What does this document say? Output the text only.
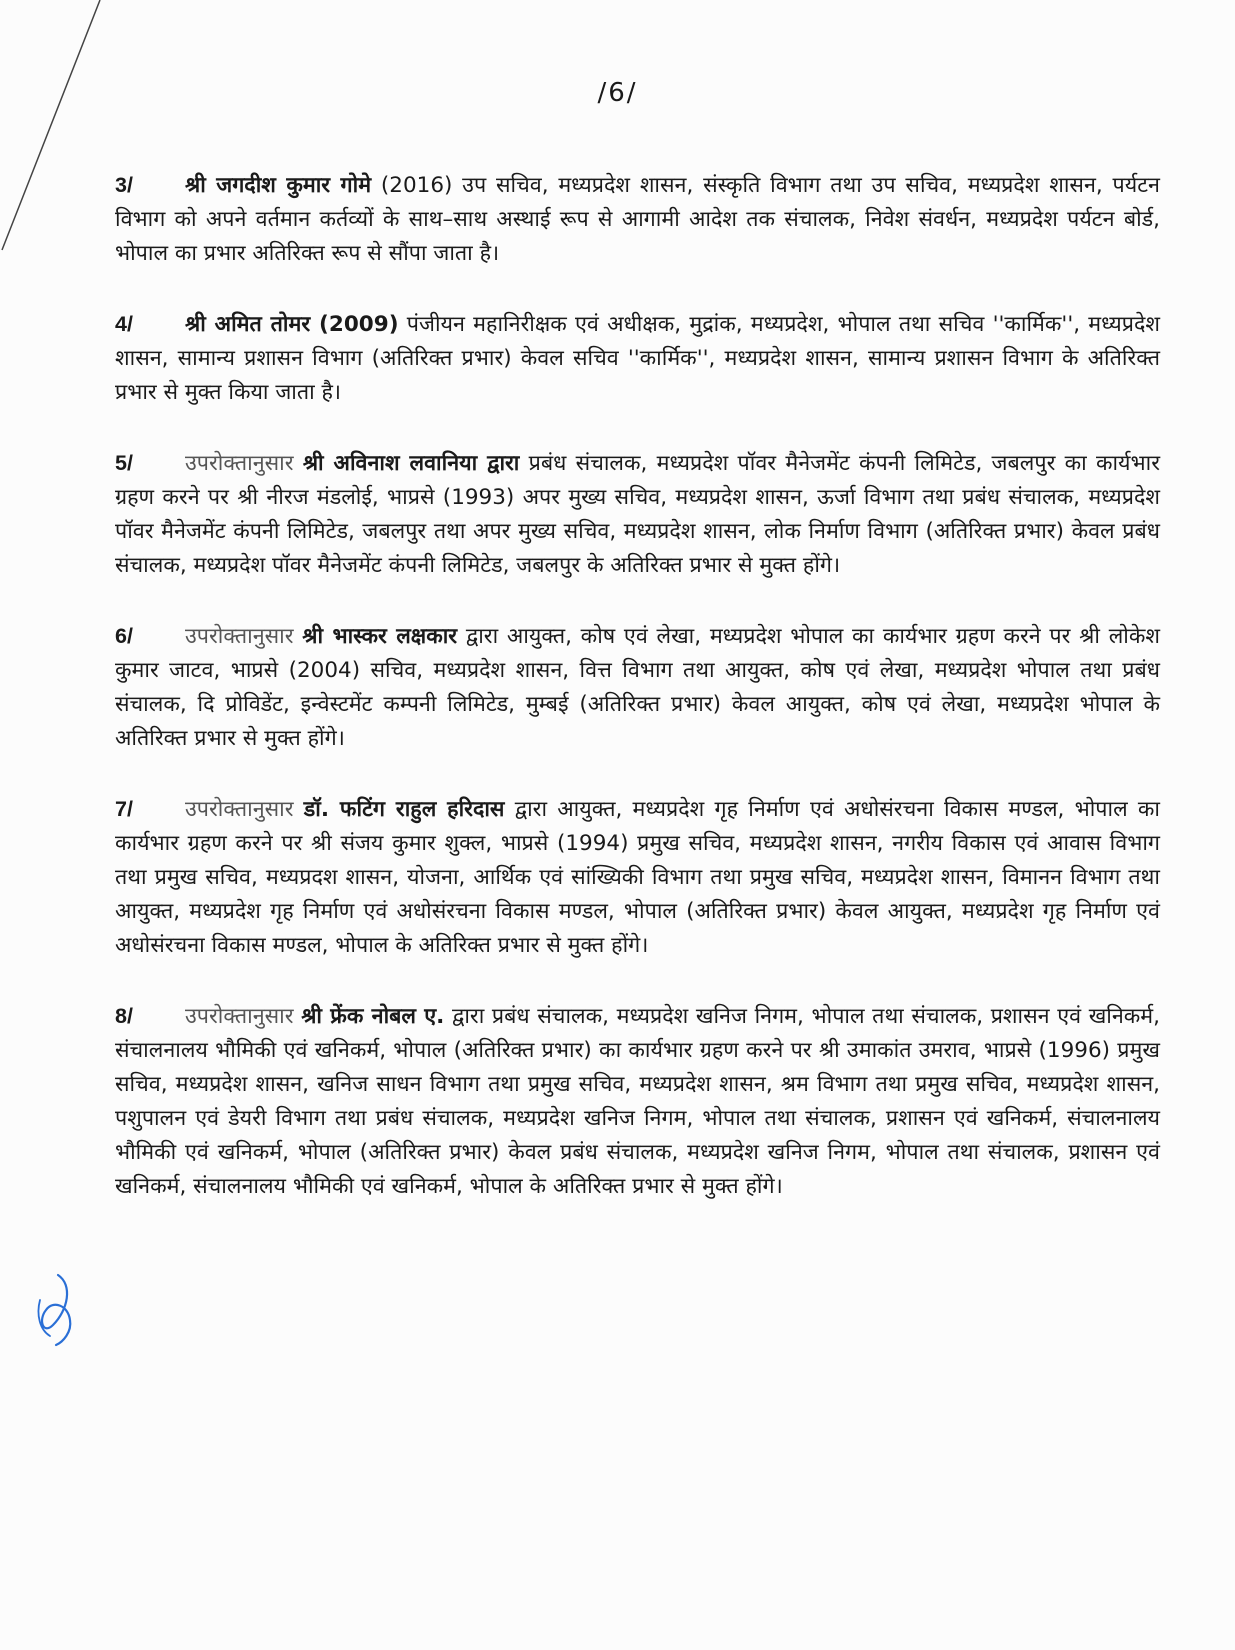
/6/

3/ श्री जगदीश कुमार गोमे (2016) उप सचिव, मध्यप्रदेश शासन, संस्कृति विभाग तथा उप सचिव, मध्यप्रदेश शासन, पर्यटन विभाग को अपने वर्तमान कर्तव्यों के साथ–साथ अस्थाई रूप से आगामी आदेश तक संचालक, निवेश संवर्धन, मध्यप्रदेश पर्यटन बोर्ड, भोपाल का प्रभार अतिरिक्त रूप से सौंपा जाता है।

4/ श्री अमित तोमर (2009) पंजीयन महानिरीक्षक एवं अधीक्षक, मुद्रांक, मध्यप्रदेश, भोपाल तथा सचिव ''कार्मिक'', मध्यप्रदेश शासन, सामान्य प्रशासन विभाग (अतिरिक्त प्रभार) केवल सचिव ''कार्मिक'', मध्यप्रदेश शासन, सामान्य प्रशासन विभाग के अतिरिक्त प्रभार से मुक्त किया जाता है।

5/ उपरोक्तानुसार श्री अविनाश लवानिया द्वारा प्रबंध संचालक, मध्यप्रदेश पॉवर मैनेजमेंट कंपनी लिमिटेड, जबलपुर का कार्यभार ग्रहण करने पर श्री नीरज मंडलोई, भाप्रसे (1993) अपर मुख्य सचिव, मध्यप्रदेश शासन, ऊर्जा विभाग तथा प्रबंध संचालक, मध्यप्रदेश पॉवर मैनेजमेंट कंपनी लिमिटेड, जबलपुर तथा अपर मुख्य सचिव, मध्यप्रदेश शासन, लोक निर्माण विभाग (अतिरिक्त प्रभार) केवल प्रबंध संचालक, मध्यप्रदेश पॉवर मैनेजमेंट कंपनी लिमिटेड, जबलपुर के अतिरिक्त प्रभार से मुक्त होंगे।

6/ उपरोक्तानुसार श्री भास्कर लक्षकार द्वारा आयुक्त, कोष एवं लेखा, मध्यप्रदेश भोपाल का कार्यभार ग्रहण करने पर श्री लोकेश कुमार जाटव, भाप्रसे (2004) सचिव, मध्यप्रदेश शासन, वित्त विभाग तथा आयुक्त, कोष एवं लेखा, मध्यप्रदेश भोपाल तथा प्रबंध संचालक, दि प्रोविडेंट, इन्वेस्टमेंट कम्पनी लिमिटेड, मुम्बई (अतिरिक्त प्रभार) केवल आयुक्त, कोष एवं लेखा, मध्यप्रदेश भोपाल के अतिरिक्त प्रभार से मुक्त होंगे।

7/ उपरोक्तानुसार डॉ. फटिंग राहुल हरिदास द्वारा आयुक्त, मध्यप्रदेश गृह निर्माण एवं अधोसंरचना विकास मण्डल, भोपाल का कार्यभार ग्रहण करने पर श्री संजय कुमार शुक्ल, भाप्रसे (1994) प्रमुख सचिव, मध्यप्रदेश शासन, नगरीय विकास एवं आवास विभाग तथा प्रमुख सचिव, मध्यप्रदश शासन, योजना, आर्थिक एवं सांख्यिकी विभाग तथा प्रमुख सचिव, मध्यप्रदेश शासन, विमानन विभाग तथा आयुक्त, मध्यप्रदेश गृह निर्माण एवं अधोसंरचना विकास मण्डल, भोपाल (अतिरिक्त प्रभार) केवल आयुक्त, मध्यप्रदेश गृह निर्माण एवं अधोसंरचना विकास मण्डल, भोपाल के अतिरिक्त प्रभार से मुक्त होंगे।

8/ उपरोक्तानुसार श्री फ्रेंक नोबल ए. द्वारा प्रबंध संचालक, मध्यप्रदेश खनिज निगम, भोपाल तथा संचालक, प्रशासन एवं खनिकर्म, संचालनालय भौमिकी एवं खनिकर्म, भोपाल (अतिरिक्त प्रभार) का कार्यभार ग्रहण करने पर श्री उमाकांत उमराव, भाप्रसे (1996) प्रमुख सचिव, मध्यप्रदेश शासन, खनिज साधन विभाग तथा प्रमुख सचिव, मध्यप्रदेश शासन, श्रम विभाग तथा प्रमुख सचिव, मध्यप्रदेश शासन, पशुपालन एवं डेयरी विभाग तथा प्रबंध संचालक, मध्यप्रदेश खनिज निगम, भोपाल तथा संचालक, प्रशासन एवं खनिकर्म, संचालनालय भौमिकी एवं खनिकर्म, भोपाल (अतिरिक्त प्रभार) केवल प्रबंध संचालक, मध्यप्रदेश खनिज निगम, भोपाल तथा संचालक, प्रशासन एवं खनिकर्म, संचालनालय भौमिकी एवं खनिकर्म, भोपाल के अतिरिक्त प्रभार से मुक्त होंगे।
